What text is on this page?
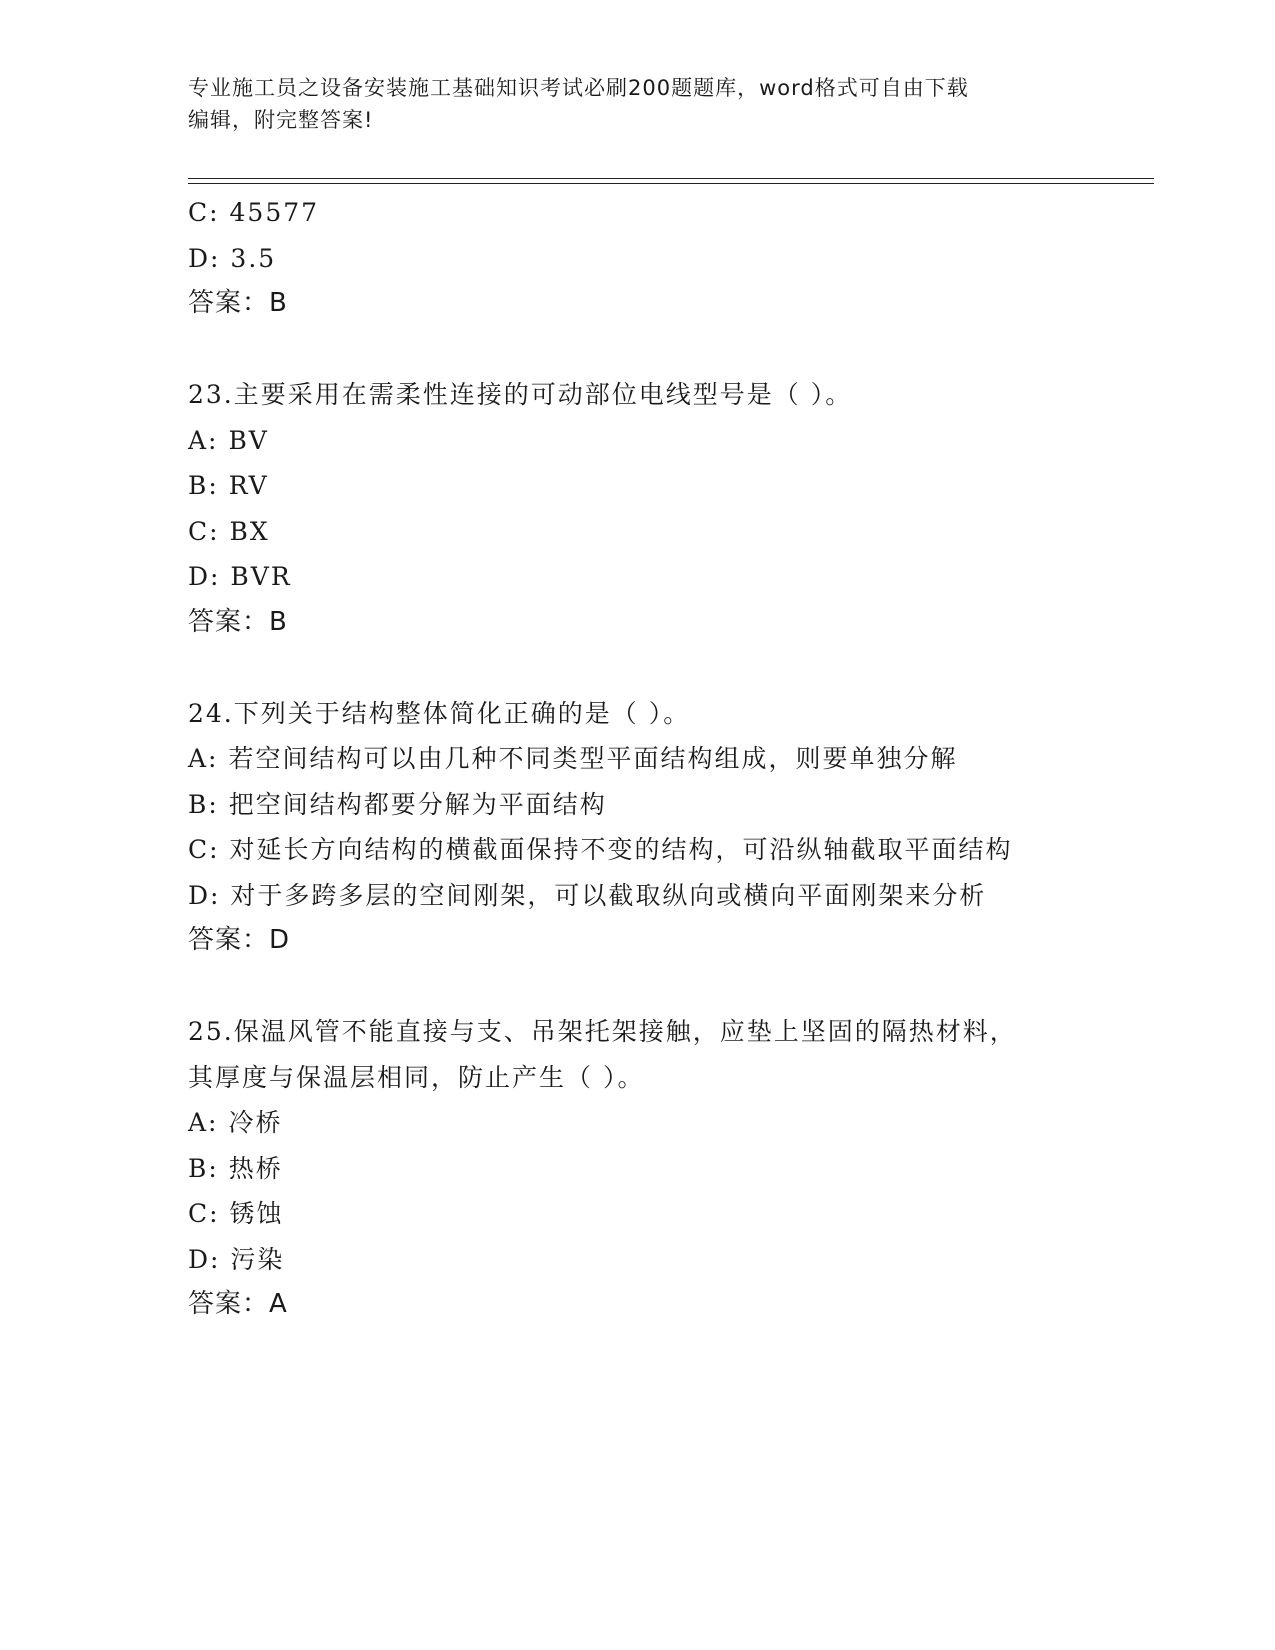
专业施工员之设备安装施工基础知识考试必刷200题题库，word格式可自由下载
编辑，附完整答案!
C: 45577
D: 3.5
答案：B
23.主要采用在需柔性连接的可动部位电线型号是（ ）。
A: BV
B: RV
C: BX
D: BVR
答案：B
24.下列关于结构整体简化正确的是（ ）。
A: 若空间结构可以由几种不同类型平面结构组成，则要单独分解
B: 把空间结构都要分解为平面结构
C: 对延长方向结构的横截面保持不变的结构，可沿纵轴截取平面结构
D: 对于多跨多层的空间刚架，可以截取纵向或横向平面刚架来分析
答案：D
25.保温风管不能直接与支、吊架托架接触，应垫上坚固的隔热材料，
其厚度与保温层相同，防止产生（ ）。
A: 冷桥
B: 热桥
C: 锈蚀
D: 污染
答案：A
